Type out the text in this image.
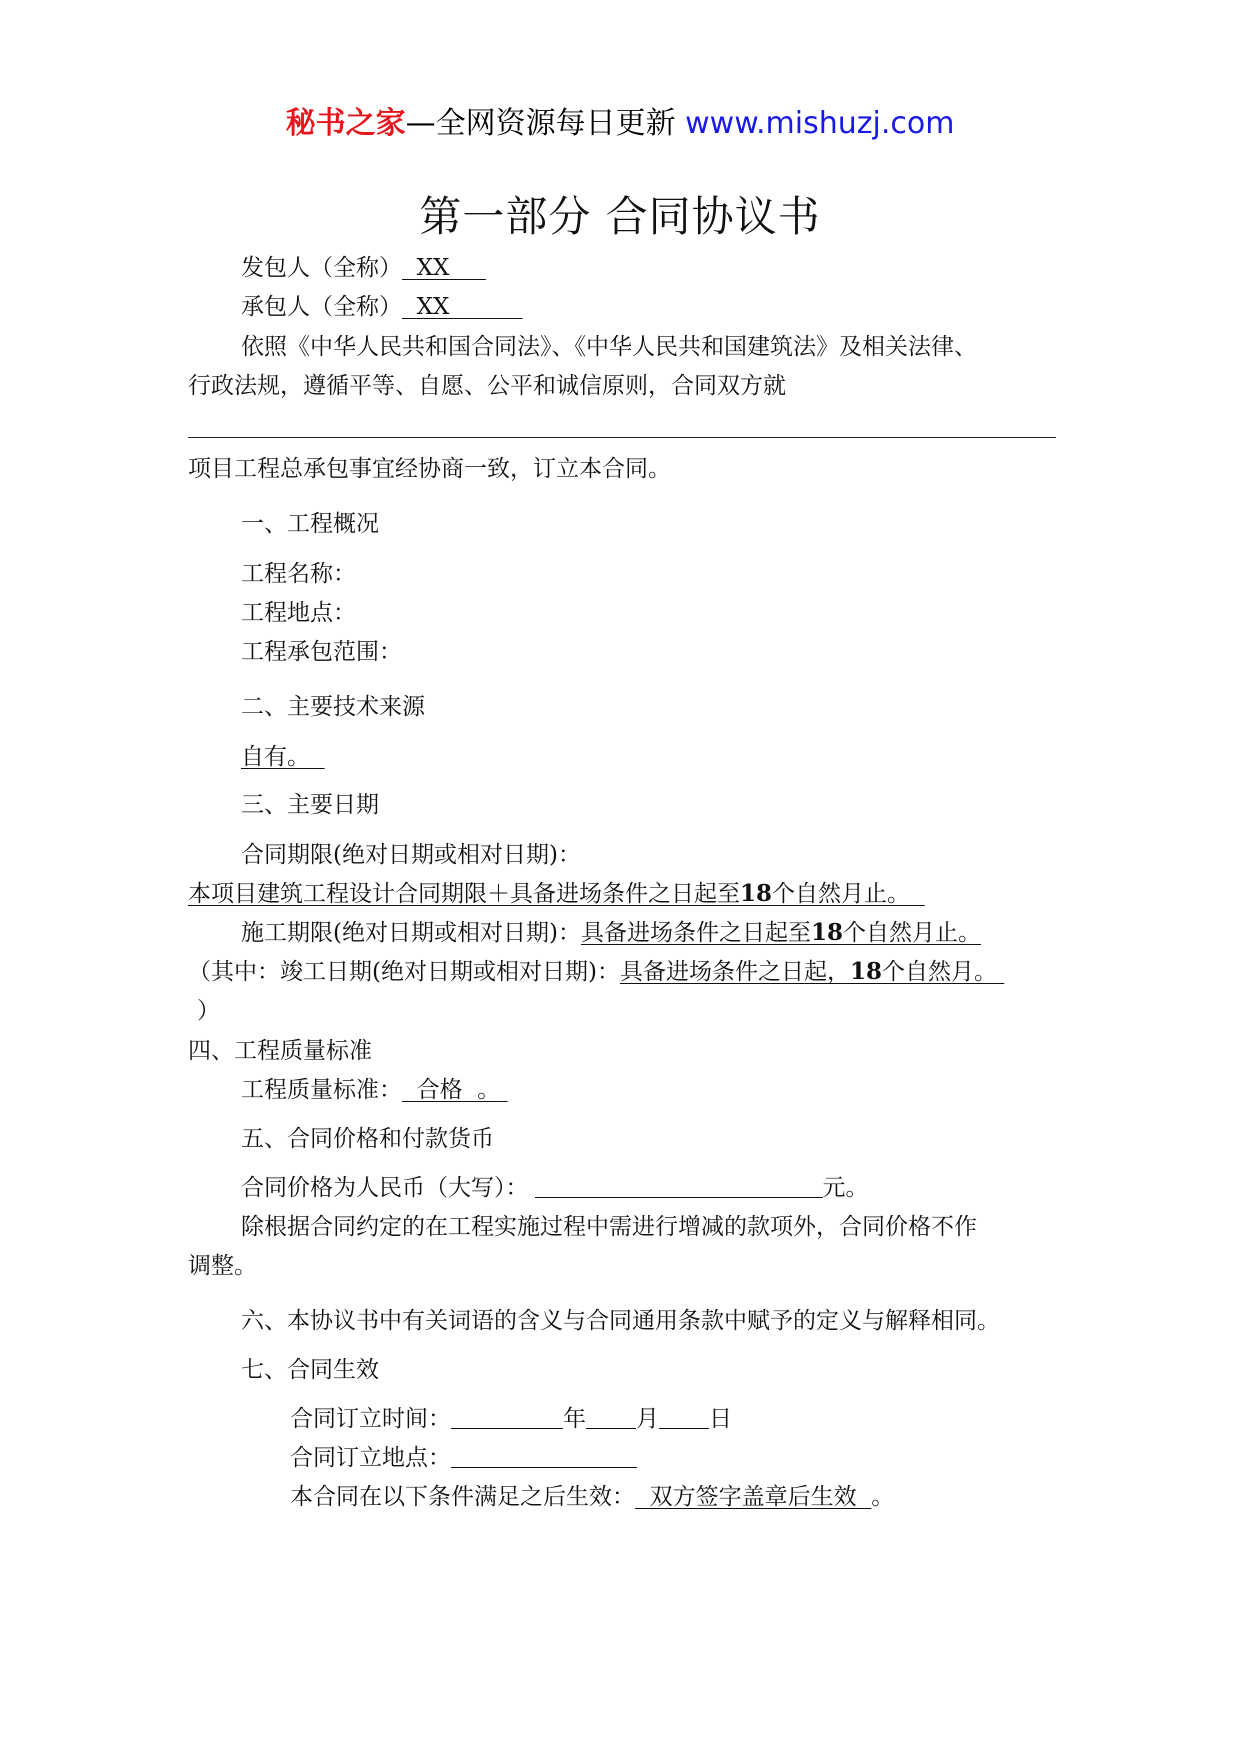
秘书之家—全网资源每日更新 www.mishuzj.com
第一部分 合同协议书
发包人（全称） XX
承包人（全称） XX
依照《中华人民共和国合同法》、《中华人民共和国建筑法》及相关法律、
行政法规，遵循平等、自愿、公平和诚信原则，合同双方就
项目工程总承包事宜经协商一致，订立本合同。
一、工程概况
工程名称：
工程地点：
工程承包范围：
二、主要技术来源
自有。
三、主要日期
合同期限(绝对日期或相对日期)：
本项目建筑工程设计合同期限＋具备进场条件之日起至18个自然月止。
施工期限(绝对日期或相对日期)：具备进场条件之日起至18个自然月止。
（其中：竣工日期(绝对日期或相对日期)：具备进场条件之日起，18个自然月。
）
四、工程质量标准
工程质量标准： 合格 。
五、合同价格和付款货币
合同价格为人民币（大写）：	元。
除根据合同约定的在工程实施过程中需进行增减的款项外，合同价格不作
调整。
六、本协议书中有关词语的含义与合同通用条款中赋予的定义与解释相同。
七、合同生效
合同订立时间：	年 月 日
合同订立地点：
本合同在以下条件满足之后生效： 双方签字盖章后生效 。
